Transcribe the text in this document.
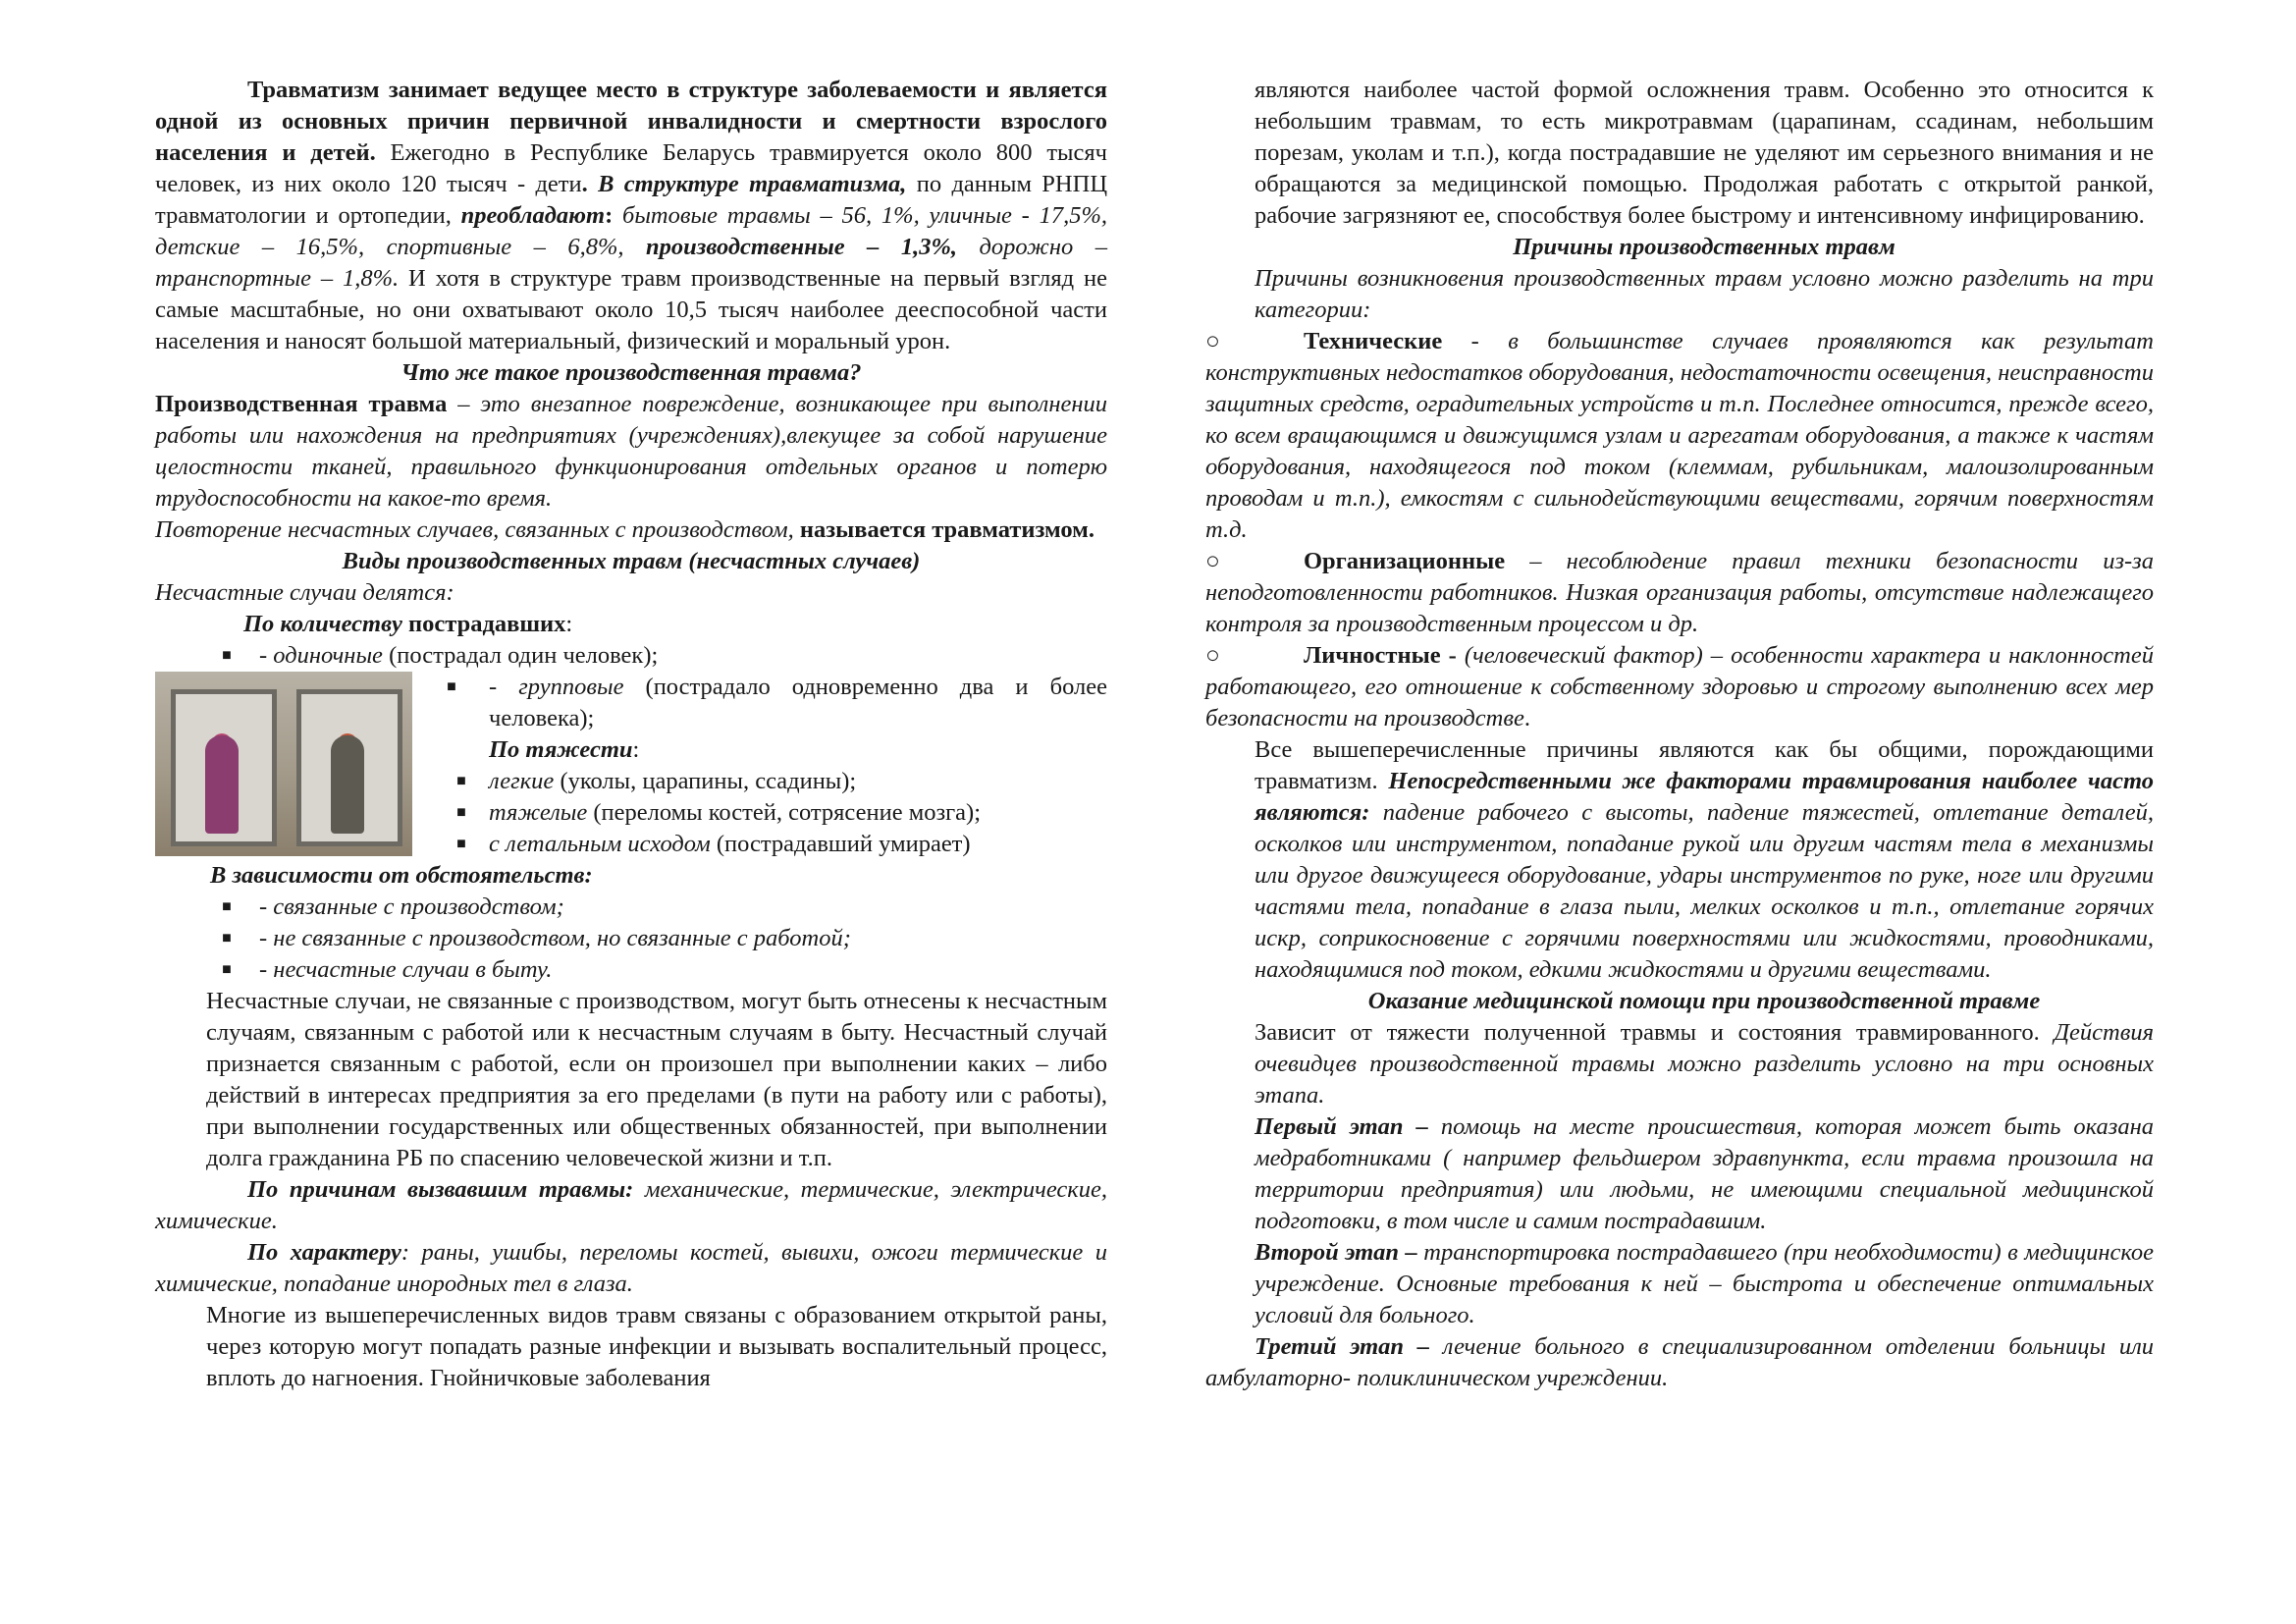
Травматизм занимает ведущее место в структуре заболеваемости и является одной из основных причин первичной инвалидности и смертности взрослого населения и детей. Ежегодно в Республике Беларусь травмируется около 800 тысяч человек, из них около 120 тысяч - дети. В структуре травматизма, по данным РНПЦ травматологии и ортопедии, преобладают: бытовые травмы – 56, 1%, уличные - 17,5%, детские – 16,5%, спортивные – 6,8%, производственные – 1,3%, дорожно – транспортные – 1,8%. И хотя в структуре травм производственные на первый взгляд не самые масштабные, но они охватывают около 10,5 тысяч наиболее дееспособной части населения и наносят большой материальный, физический и моральный урон.

Что же такое производственная травма?

Производственная травма – это внезапное повреждение, возникающее при выполнении работы или нахождения на предприятиях (учреждениях),влекущее за собой нарушение целостности тканей, правильного функционирования отдельных органов и потерю трудоспособности на какое-то время.

Повторение несчастных случаев, связанных с производством, называется травматизмом.

Виды производственных травм (несчастных случаев)

Несчастные случаи делятся:

По количеству пострадавших:

■	- одиночные (пострадал один человек);
■	- групповые (пострадало одновременно два и более человека);

По тяжести:

■ легкие (уколы, царапины, ссадины);
■ тяжелые (переломы костей, сотрясение мозга);
■ с летальным исходом (пострадавший умирает)

В зависимости от обстоятельств:

■	- связанные с производством;
■	- не связанные с производством, но связанные с работой;
■	- несчастные случаи в быту.

Несчастные случаи, не связанные с производством, могут быть отнесены к несчастным случаям, связанным с работой или к несчастным случаям в быту. Несчастный случай признается связанным с работой, если он произошел при выполнении каких – либо действий в интересах предприятия за его пределами (в пути на работу или с работы), при выполнении государственных или общественных обязанностей, при выполнении долга гражданина РБ по спасению человеческой жизни и т.п.

По причинам вызвавшим травмы: механические, термические, электрические, химические.

По характеру: раны, ушибы, переломы костей, вывихи, ожоги термические и химические, попадание инородных тел в глаза.

Многие из вышеперечисленных видов травм связаны с образованием открытой раны, через которую могут попадать разные инфекции и вызывать воспалительный процесс, вплоть до нагноения. Гнойничковые заболевания

являются наиболее частой формой осложнения травм. Особенно это относится к небольшим травмам, то есть микротравмам (царапинам, ссадинам, небольшим порезам, уколам и т.п.), когда пострадавшие не уделяют им серьезного внимания и не обращаются за медицинской помощью. Продолжая работать с открытой ранкой, рабочие загрязняют ее, способствуя более быстрому и интенсивному инфицированию.

Причины производственных травм

Причины возникновения производственных травм условно можно разделить на три категории:

○	Технические - в большинстве случаев проявляются как результат конструктивных недостатков оборудования, недостаточности освещения, неисправности защитных средств, оградительных устройств и т.п. Последнее относится, прежде всего, ко всем вращающимся и движущимся узлам и агрегатам оборудования, а также к частям оборудования, находящегося под током (клеммам, рубильникам, малоизолированным проводам и т.п.), емкостям с сильнодействующими веществами, горячим поверхностям т.д.

○	Организационные – несоблюдение правил техники безопасности из-за неподготовленности работников. Низкая организация работы, отсутствие надлежащего контроля за производственным процессом и др.

○	Личностные - (человеческий фактор) – особенности характера и наклонностей работающего, его отношение к собственному здоровью и строгому выполнению всех мер безопасности на производстве.

Все вышеперечисленные причины являются как бы общими, порождающими травматизм. Непосредственными же факторами травмирования наиболее часто являются: падение рабочего с высоты, падение тяжестей, отлетание деталей, осколков или инструментом, попадание рукой или другим частям тела в механизмы или другое движущееся оборудование, удары инструментов по руке, ноге или другими частями тела, попадание в глаза пыли, мелких осколков и т.п., отлетание горячих искр, соприкосновение с горячими поверхностями или жидкостями, проводниками, находящимися под током, едкими жидкостями и другими веществами.

Оказание медицинской помощи при производственной травме

Зависит от тяжести полученной травмы и состояния травмированного. Действия очевидцев производственной травмы можно разделить условно на три основных этапа.

Первый этап – помощь на месте происшествия, которая может быть оказана медработниками ( например фельдшером здравпункта, если травма произошла на территории предприятия) или людьми, не имеющими специальной медицинской подготовки, в том числе и самим пострадавшим.

Второй этап – транспортировка пострадавшего (при необходимости) в медицинское учреждение. Основные требования к ней – быстрота и обеспечение оптимальных условий для больного.

Третий этап – лечение больного в специализированном отделении больницы или амбулаторно- поликлиническом учреждении.
